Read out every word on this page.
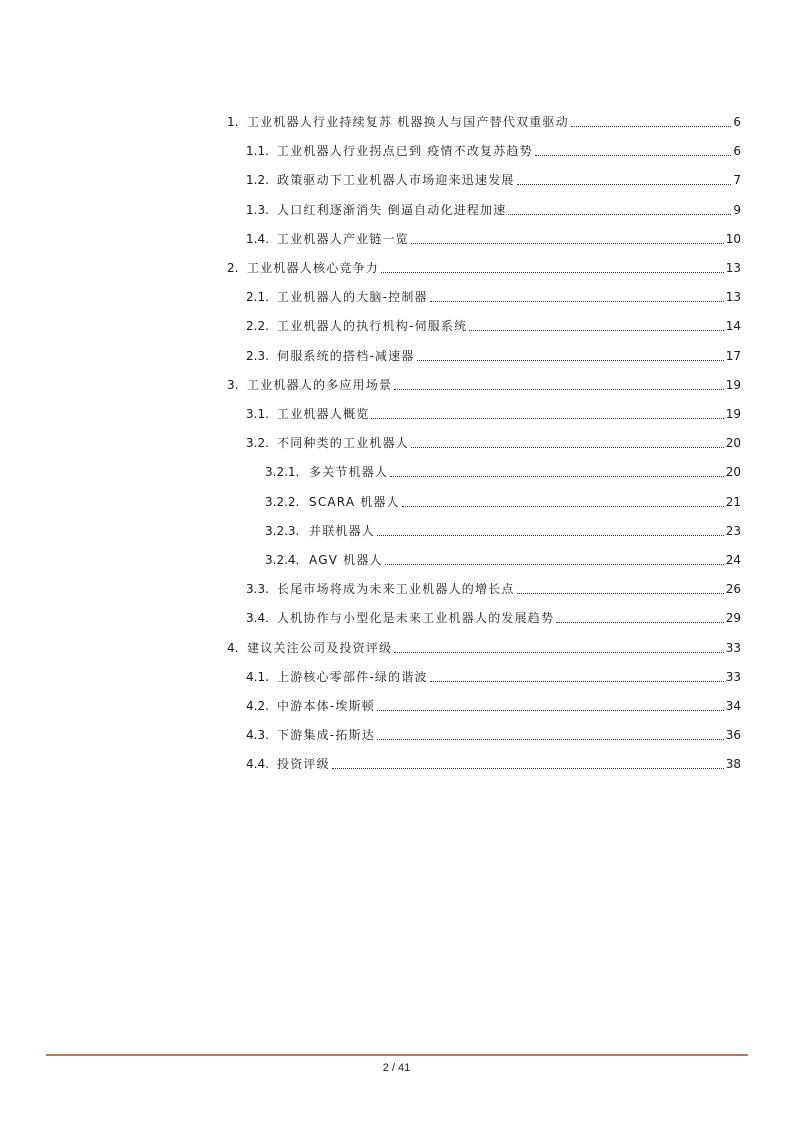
1. 工业机器人行业持续复苏 机器换人与国产替代双重驱动	6
1.1. 工业机器人行业拐点已到 疫情不改复苏趋势	6
1.2. 政策驱动下工业机器人市场迎来迅速发展	7
1.3. 人口红利逐渐消失 倒逼自动化进程加速	9
1.4. 工业机器人产业链一览	10
2. 工业机器人核心竞争力	13
2.1. 工业机器人的大脑-控制器	13
2.2. 工业机器人的执行机构-伺服系统	14
2.3. 伺服系统的搭档-减速器	17
3. 工业机器人的多应用场景	19
3.1. 工业机器人概览	19
3.2. 不同种类的工业机器人	20
3.2.1. 多关节机器人	20
3.2.2. SCARA 机器人	21
3.2.3. 并联机器人	23
3.2.4. AGV 机器人	24
3.3. 长尾市场将成为未来工业机器人的增长点	26
3.4. 人机协作与小型化是未来工业机器人的发展趋势	29
4. 建议关注公司及投资评级	33
4.1. 上游核心零部件-绿的谐波	33
4.2. 中游本体-埃斯顿	34
4.3. 下游集成-拓斯达	36
4.4. 投资评级	38
2 / 41
